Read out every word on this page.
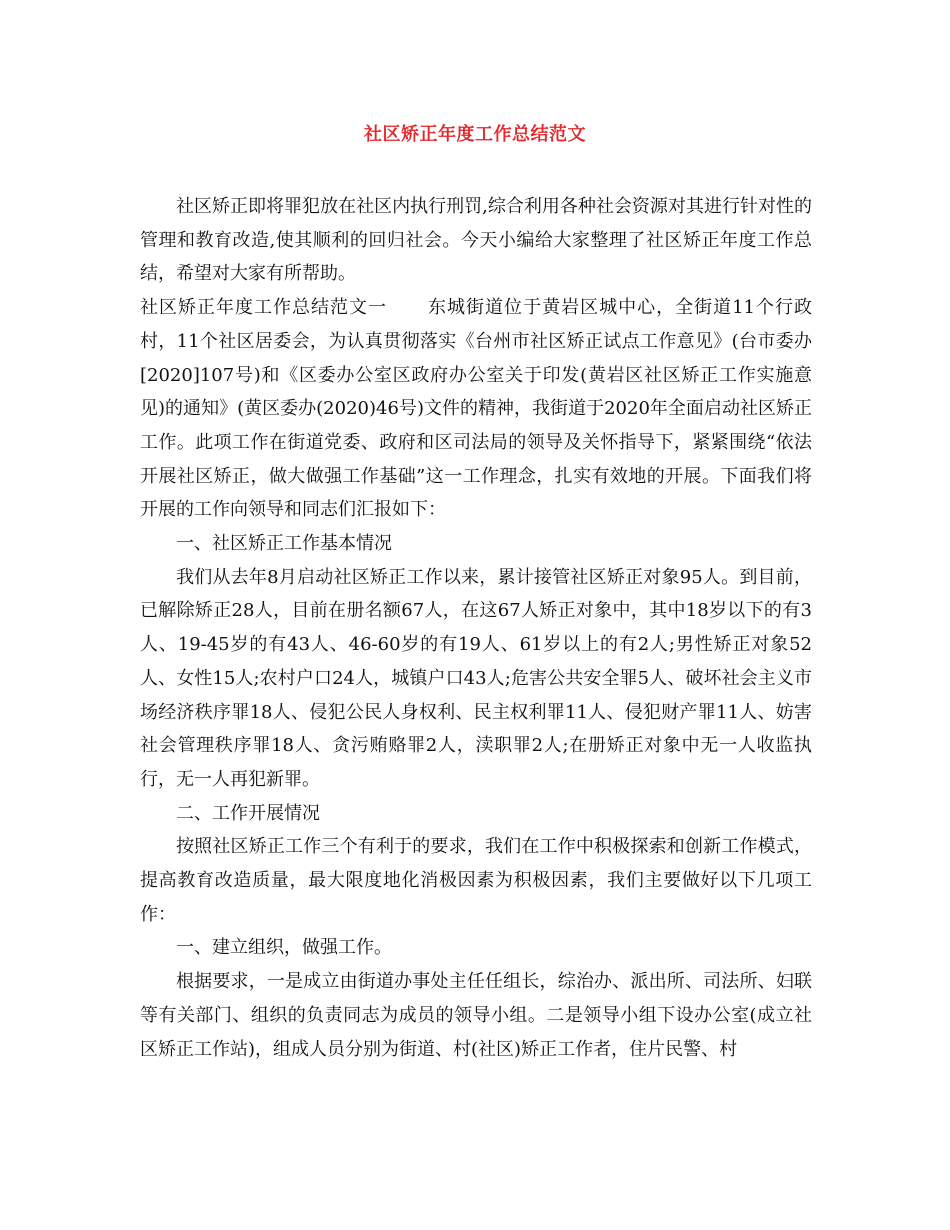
社区矫正年度工作总结范文

社区矫正即将罪犯放在社区内执行刑罚,综合利用各种社会资源对其进行针对性的管理和教育改造,使其顺利的回归社会。今天小编给大家整理了社区矫正年度工作总结，希望对大家有所帮助。

社区矫正年度工作总结范文一 东城街道位于黄岩区城中心，全街道11个行政村，11个社区居委会，为认真贯彻落实《台州市社区矫正试点工作意见》(台市委办[2020]107号)和《区委办公室区政府办公室关于印发(黄岩区社区矫正工作实施意见)的通知》(黄区委办(2020)46号)文件的精神，我街道于2020年全面启动社区矫正工作。此项工作在街道党委、政府和区司法局的领导及关怀指导下，紧紧围绕“依法开展社区矫正，做大做强工作基础”这一工作理念，扎实有效地的开展。下面我们将开展的工作向领导和同志们汇报如下：

一、社区矫正工作基本情况

我们从去年8月启动社区矫正工作以来，累计接管社区矫正对象95人。到目前，已解除矫正28人，目前在册名额67人，在这67人矫正对象中，其中18岁以下的有3人、19-45岁的有43人、46-60岁的有19人、61岁以上的有2人;男性矫正对象52人、女性15人;农村户口24人，城镇户口43人;危害公共安全罪5人、破坏社会主义市场经济秩序罪18人、侵犯公民人身权利、民主权利罪11人、侵犯财产罪11人、妨害社会管理秩序罪18人、贪污贿赂罪2人，渎职罪2人;在册矫正对象中无一人收监执行，无一人再犯新罪。

二、工作开展情况

按照社区矫正工作三个有利于的要求，我们在工作中积极探索和创新工作模式，提高教育改造质量，最大限度地化消极因素为积极因素，我们主要做好以下几项工作：

一、建立组织，做强工作。

根据要求，一是成立由街道办事处主任任组长，综治办、派出所、司法所、妇联等有关部门、组织的负责同志为成员的领导小组。二是领导小组下设办公室(成立社区矫正工作站)，组成人员分别为街道、村(社区)矫正工作者，住片民警、村
